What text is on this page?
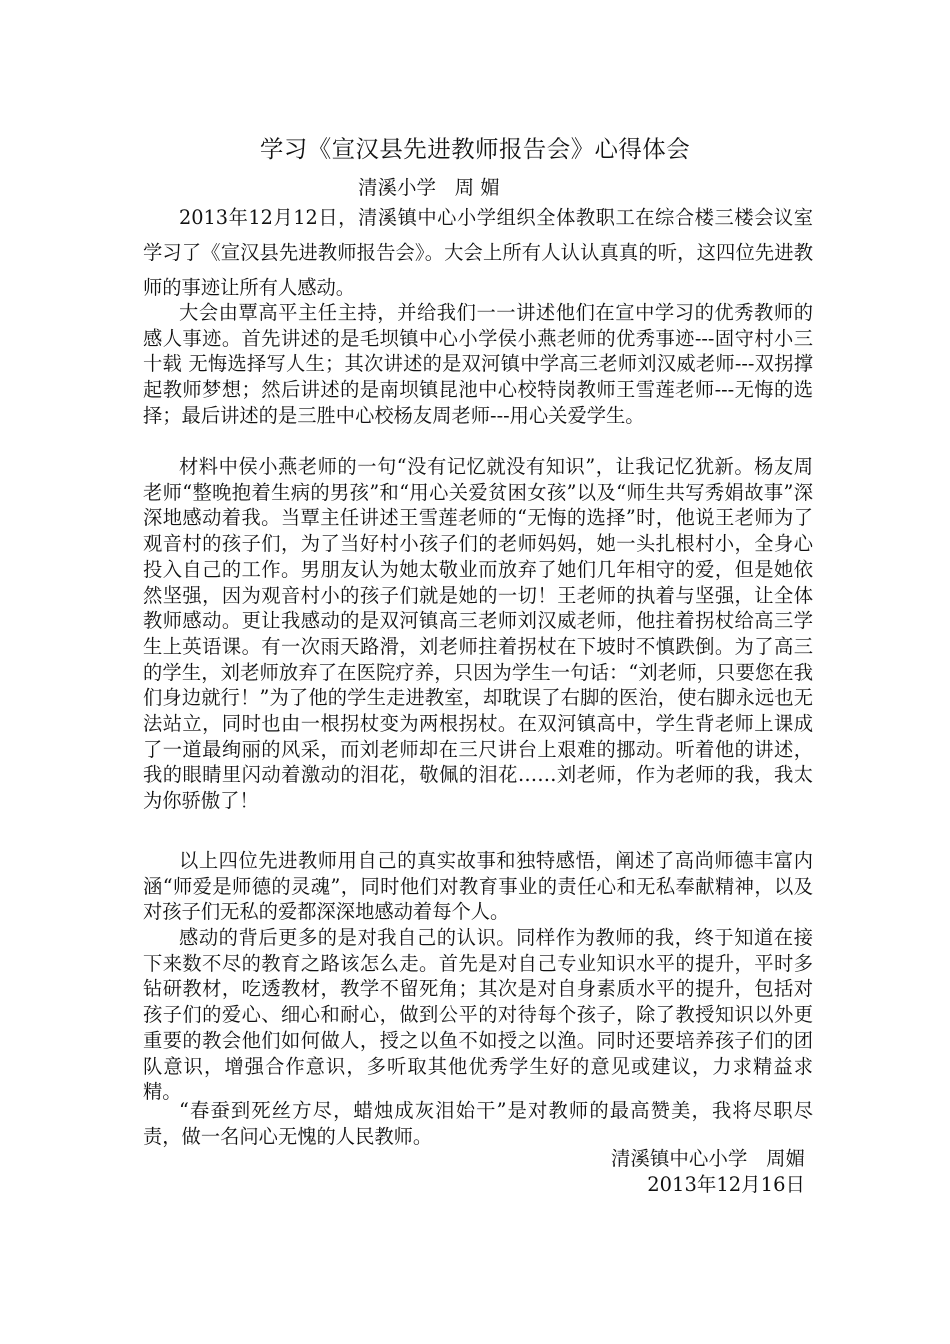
学习《宣汉县先进教师报告会》心得体会
清溪小学   周 媚

2013年12月12日，清溪镇中心小学组织全体教职工在综合楼三楼会议室学习了《宣汉县先进教师报告会》。大会上所有人认认真真的听，这四位先进教师的事迹让所有人感动。

大会由覃高平主任主持，并给我们一一讲述他们在宣中学习的优秀教师的感人事迹。首先讲述的是毛坝镇中心小学侯小燕老师的优秀事迹---固守村小三十载 无悔选择写人生；其次讲述的是双河镇中学高三老师刘汉威老师---双拐撑起教师梦想；然后讲述的是南坝镇昆池中心校特岗教师王雪莲老师---无悔的选择；最后讲述的是三胜中心校杨友周老师---用心关爱学生。

材料中侯小燕老师的一句“没有记忆就没有知识”，让我记忆犹新。杨友周老师“整晚抱着生病的男孩”和“用心关爱贫困女孩”以及“师生共写秀娟故事”深深地感动着我。当覃主任讲述王雪莲老师的“无悔的选择”时，他说王老师为了观音村的孩子们，为了当好村小孩子们的老师妈妈，她一头扎根村小，全身心投入自己的工作。男朋友认为她太敬业而放弃了她们几年相守的爱，但是她依然坚强，因为观音村小的孩子们就是她的一切！王老师的执着与坚强，让全体教师感动。更让我感动的是双河镇高三老师刘汉威老师，他拄着拐杖给高三学生上英语课。有一次雨天路滑，刘老师拄着拐杖在下坡时不慎跌倒。为了高三的学生，刘老师放弃了在医院疗养，只因为学生一句话：“刘老师，只要您在我们身边就行！”为了他的学生走进教室，却耽误了右脚的医治，使右脚永远也无法站立，同时也由一根拐杖变为两根拐杖。在双河镇高中，学生背老师上课成了一道最绚丽的风采，而刘老师却在三尺讲台上艰难的挪动。听着他的讲述，我的眼睛里闪动着激动的泪花，敬佩的泪花……刘老师，作为老师的我，我太为你骄傲了！

以上四位先进教师用自己的真实故事和独特感悟，阐述了高尚师德丰富内涵“师爱是师德的灵魂”，同时他们对教育事业的责任心和无私奉献精神，以及对孩子们无私的爱都深深地感动着每个人。

感动的背后更多的是对我自己的认识。同样作为教师的我，终于知道在接下来数不尽的教育之路该怎么走。首先是对自己专业知识水平的提升，平时多钻研教材，吃透教材，教学不留死角；其次是对自身素质水平的提升，包括对孩子们的爱心、细心和耐心，做到公平的对待每个孩子，除了教授知识以外更重要的教会他们如何做人，授之以鱼不如授之以渔。同时还要培养孩子们的团队意识，增强合作意识，多听取其他优秀学生好的意见或建议，力求精益求精。

“春蚕到死丝方尽，蜡烛成灰泪始干”是对教师的最高赞美，我将尽职尽责，做一名问心无愧的人民教师。

清溪镇中心小学   周媚
2013年12月16日
